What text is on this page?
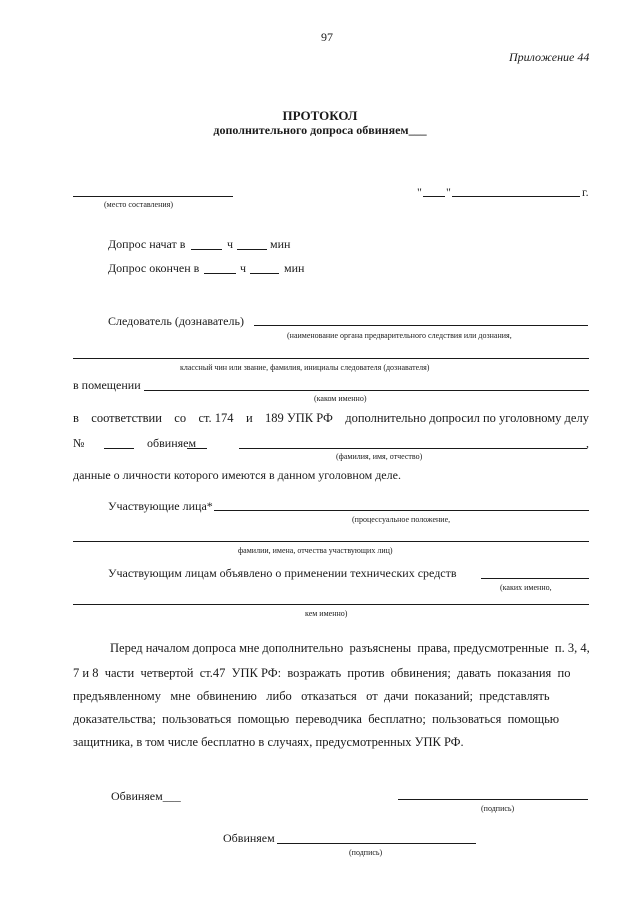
97
Приложение 44
ПРОТОКОЛ
дополнительного допроса обвиняем___
(место составления)
" "	г.
Допрос начат в	ч	мин
Допрос окончен в	ч	мин
Следователь (дознаватель)
(наименование органа предварительного следствия или дознания,
классный чин или звание, фамилия, инициалы следователя (дознавателя)
в помещении
(каком именно)
в соответствии со ст. 174 и 189 УПК РФ дополнительно допросил по уголовному делу
№	обвиняем	,
(фамилия, имя, отчество)
данные о личности которого имеются в данном уголовном деле.
Участвующие лица*
(процессуальное положение,
фамилии, имена, отчества участвующих лиц)
Участвующим лицам объявлено о применении технических средств
(каких именно,
кем именно)
Перед началом допроса мне дополнительно  разъяснены  права, предусмотренные  п. 3, 4,
7 и 8  части  четвертой  ст.47  УПК РФ:  возражать  против  обвинения;  давать  показания  по
предъявленному   мне  обвинению   либо   отказаться   от  дачи  показаний;  представлять
доказательства;  пользоваться  помощью  переводчика  бесплатно;  пользоваться  помощью
защитника, в том числе бесплатно в случаях, предусмотренных УПК РФ.
Обвиняем___
(подпись)
Обвиняем
(подпись)
